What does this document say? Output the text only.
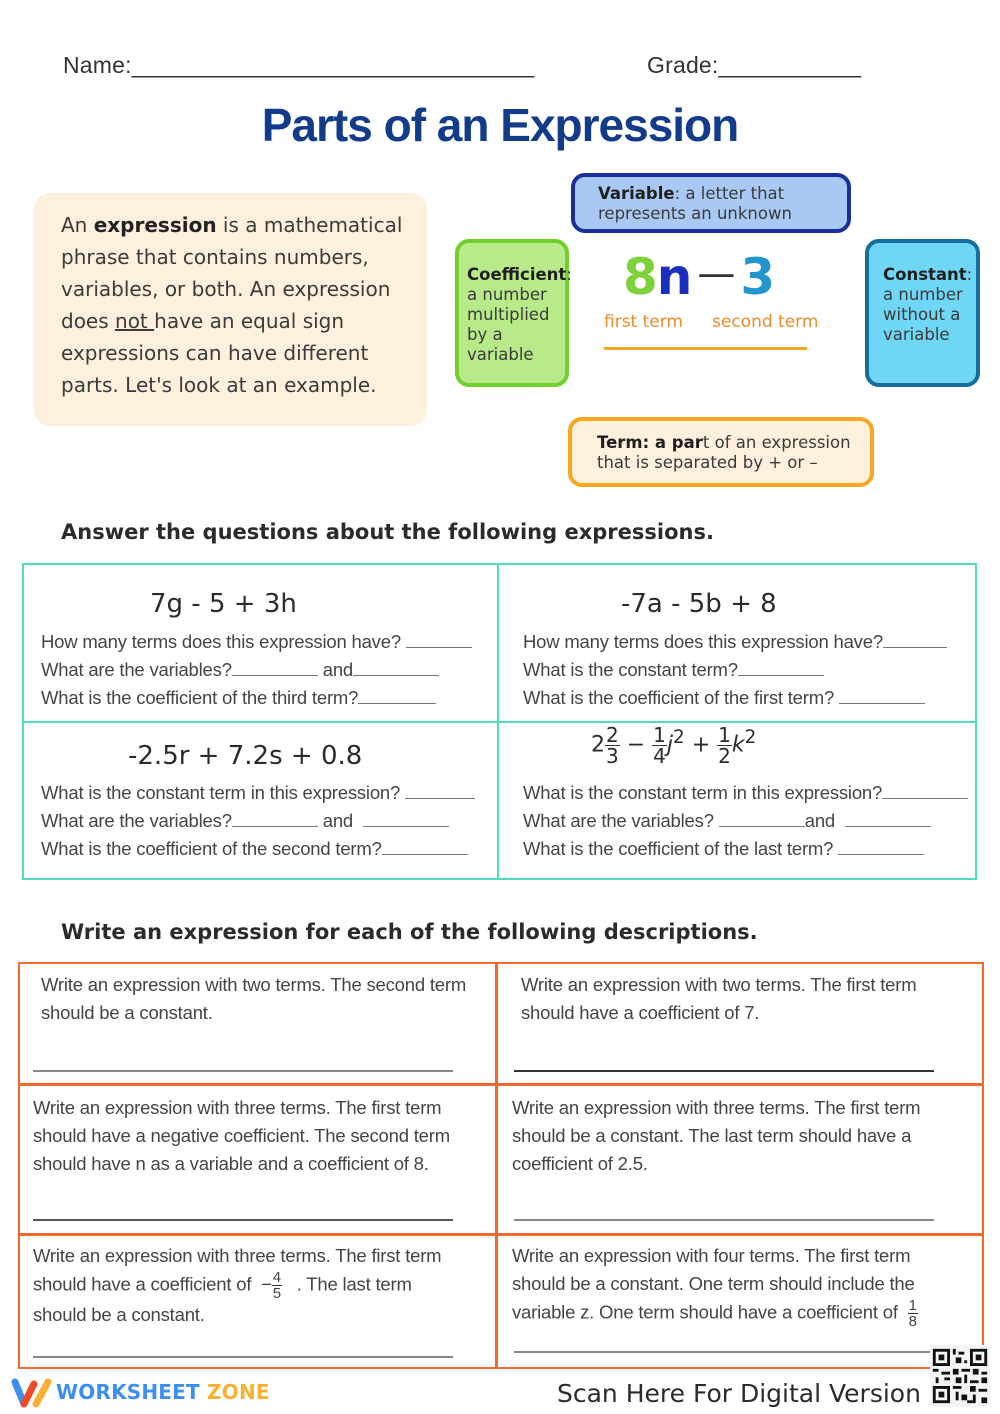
Name:_______________________________	Grade:___________
Parts of an Expression
An expression is a mathematical phrase that contains numbers, variables, or both. An expression does not have an equal sign expressions can have different parts. Let's look at an example.
Variable: a letter that represents an unknown
Coefficient: a number multiplied by a variable
Constant: a number without a variable
Term: a part of an expression that is separated by + or –
8n — 3
first term second term
Answer the questions about the following expressions.
7g - 5 + 3h
How many terms does this expression have?
What are the variables?	and
What is the coefficient of the third term?
-7a - 5b + 8
How many terms does this expression have?
What is the constant term?
What is the coefficient of the first term?
-2.5r + 7.2s + 0.8
What is the constant term in this expression?
What are the variables?	and
What is the coefficient of the second term?
$2 \frac{2}{3} - \frac{1}{4} j^2 + \frac{1}{2} k^2$
What is the constant term in this expression?
What are the variables?	and
What is the coefficient of the last term?
Write an expression for each of the following descriptions.
Write an expression with two terms. The second term should be a constant.
Write an expression with two terms. The first term should have a coefficient of 7.
Write an expression with three terms. The first term should have a negative coefficient. The second term should have n as a variable and a coefficient of 8.
Write an expression with three terms. The first term should be a constant. The last term should have a coefficient of 2.5.
Write an expression with three terms. The first term
should have a coefficient of − $\frac{4}{5}$ . The last term
should be a constant.
Write an expression with four terms. The first term
should be a constant. One term should include the
variable z. One term should have a coefficient of $\frac{1}{8}$
WORKSHEET ZONE	Scan Here For Digital Version
